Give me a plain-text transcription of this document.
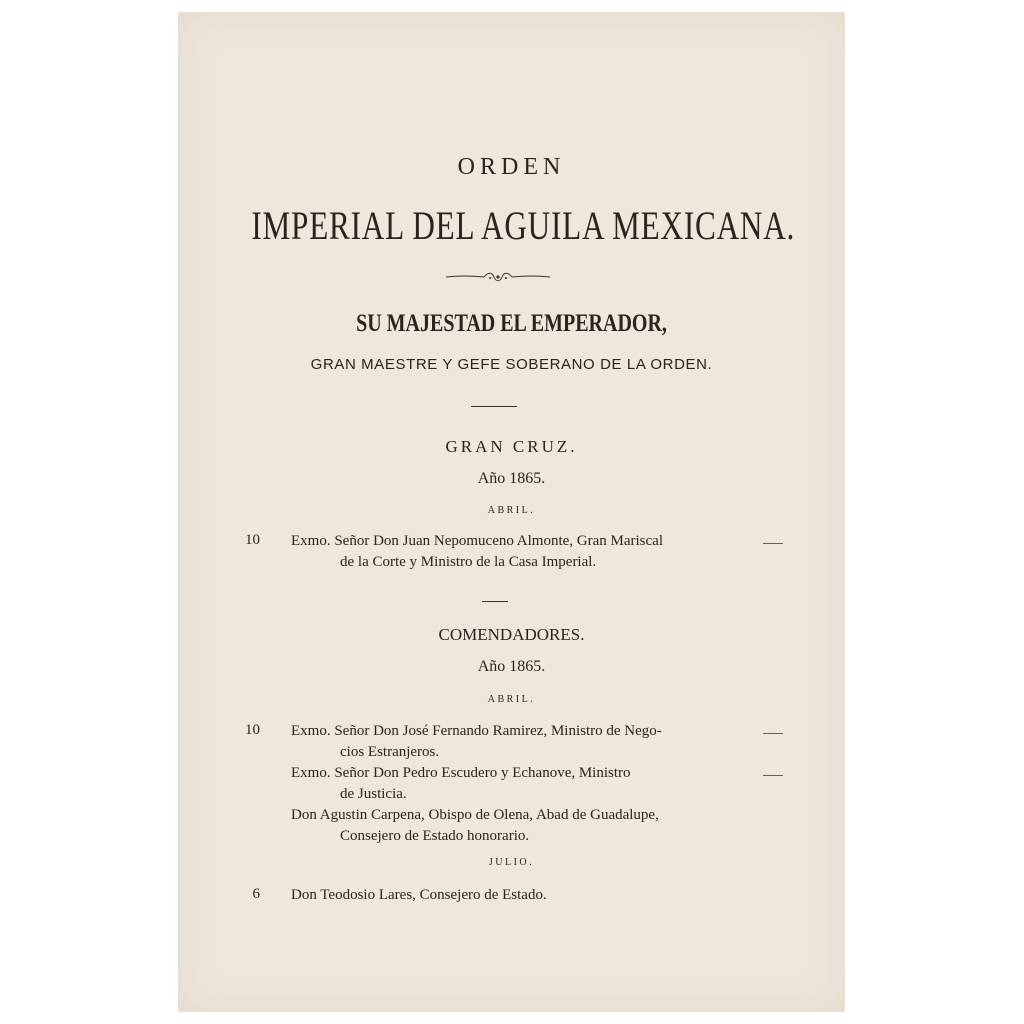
ORDEN
IMPERIAL DEL AGUILA MEXICANA.
SU MAJESTAD EL EMPERADOR,
GRAN MAESTRE Y GEFE SOBERANO DE LA ORDEN.
GRAN CRUZ.
Año 1865.
ABRIL.
10 Exmo. Señor Don Juan Nepomuceno Almonte, Gran Mariscal
de la Corte y Ministro de la Casa Imperial.
COMENDADORES.
Año 1865.
ABRIL.
10 Exmo. Señor Don José Fernando Ramirez, Ministro de Nego-
cios Estranjeros.
Exmo. Señor Don Pedro Escudero y Echanove, Ministro
de Justicia.
Don Agustin Carpena, Obispo de Olena, Abad de Guadalupe,
Consejero de Estado honorario.
JULIO.
6 Don Teodosio Lares, Consejero de Estado.
